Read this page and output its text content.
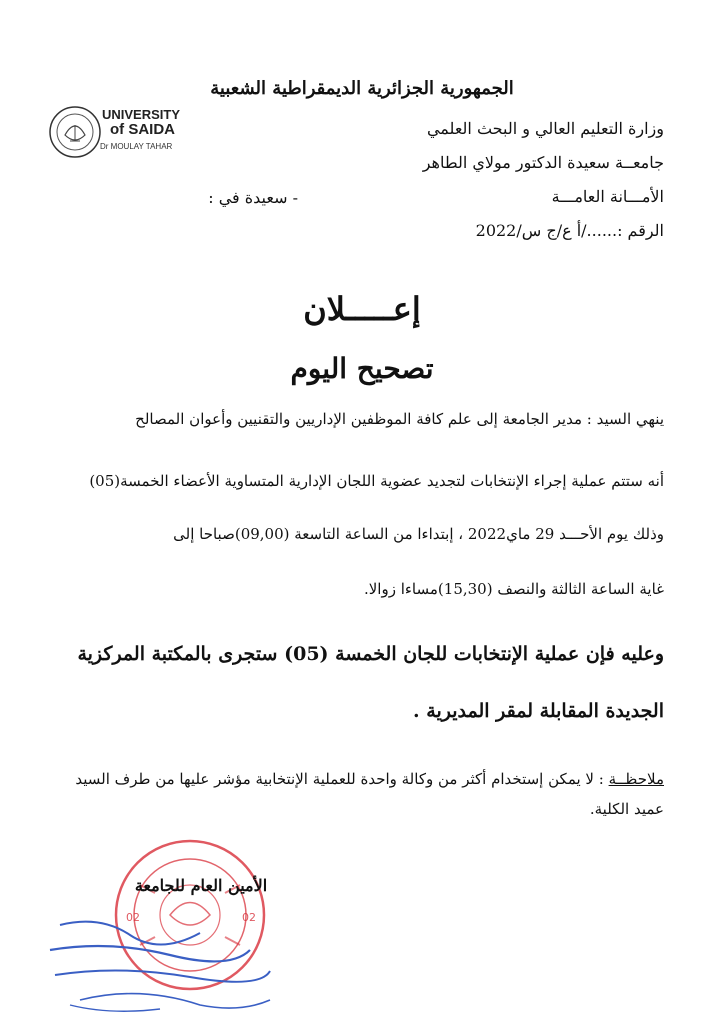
الجمهورية الجزائرية الديمقراطية الشعبية
UNIVERSITY
of SAIDA
Dr MOULAY TAHAR
وزارة التعليم العالي و البحث العلمي
جامعــة سعيدة الدكتور مولاي الطاهر
الأمـــانة العامـــة
الرقم :....../أ ع/ج س/2022
- سعيدة في :
إعـــــلان
تصحيح اليوم
ينهي السيد : مدير الجامعة إلى علم كافة الموظفين الإداريين والتقنيين وأعوان المصالح
أنه ستتم عملية إجراء الإنتخابات لتجديد عضوية اللجان الإدارية المتساوية الأعضاء الخمسة(05)
وذلك يوم الأحـــد 29 ماي2022 ، إبتداءا من الساعة التاسعة (09,00)صباحا إلى
غاية الساعة الثالثة والنصف (15,30)مساءا زوالا.
وعليه فإن عملية الإنتخابات للجان الخمسة (05) ستجرى بالمكتبة المركزية
الجديدة المقابلة لمقر المديرية .
ملاحظــة : لا يمكن إستخدام أكثر من وكالة واحدة للعملية الإنتخابية مؤشر عليها من طرف السيد عميد الكلية.
02
02
الأمين العام للجامعة
